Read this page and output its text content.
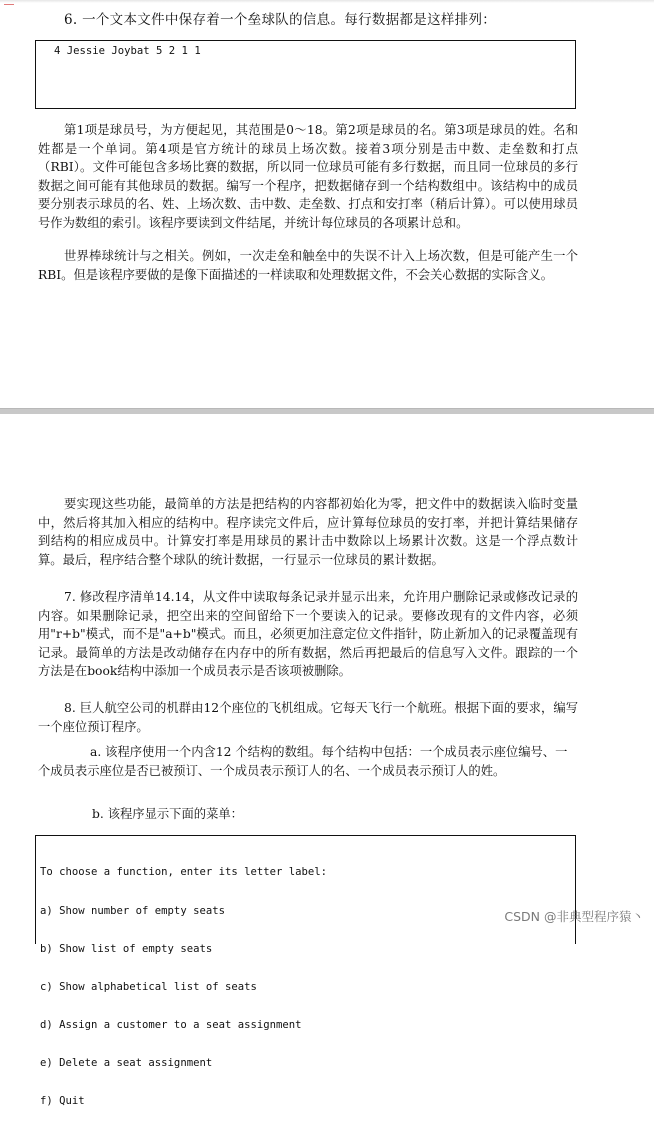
6. 一个文本文件中保存着一个垒球队的信息。每行数据都是这样排列：

4 Jessie Joybat 5 2 1 1

第1项是球员号，为方便起见，其范围是0～18。第2项是球员的名。第3项是球员的姓。名和姓都是一个单词。第4项是官方统计的球员上场次数。接着3项分别是击中数、走垒数和打点（RBI）。文件可能包含多场比赛的数据，所以同一位球员可能有多行数据，而且同一位球员的多行数据之间可能有其他球员的数据。编写一个程序，把数据储存到一个结构数组中。该结构中的成员要分别表示球员的名、姓、上场次数、击中数、走垒数、打点和安打率（稍后计算）。可以使用球员号作为数组的索引。该程序要读到文件结尾，并统计每位球员的各项累计总和。

世界棒球统计与之相关。例如，一次走垒和触垒中的失误不计入上场次数，但是可能产生一个RBI。但是该程序要做的是像下面描述的一样读取和处理数据文件，不会关心数据的实际含义。

要实现这些功能，最简单的方法是把结构的内容都初始化为零，把文件中的数据读入临时变量中，然后将其加入相应的结构中。程序读完文件后，应计算每位球员的安打率，并把计算结果储存到结构的相应成员中。计算安打率是用球员的累计击中数除以上场累计次数。这是一个浮点数计算。最后，程序结合整个球队的统计数据，一行显示一位球员的累计数据。

7. 修改程序清单14.14，从文件中读取每条记录并显示出来，允许用户删除记录或修改记录的内容。如果删除记录，把空出来的空间留给下一个要读入的记录。要修改现有的文件内容，必须用"r+b"模式，而不是"a+b"模式。而且，必须更加注意定位文件指针，防止新加入的记录覆盖现有记录。最简单的方法是改动储存在内存中的所有数据，然后再把最后的信息写入文件。跟踪的一个方法是在book结构中添加一个成员表示是否该项被删除。

8. 巨人航空公司的机群由12个座位的飞机组成。它每天飞行一个航班。根据下面的要求，编写一个座位预订程序。

a. 该程序使用一个内含12 个结构的数组。每个结构中包括：一个成员表示座位编号、一个成员表示座位是否已被预订、一个成员表示预订人的名、一个成员表示预订人的姓。

b. 该程序显示下面的菜单：

To choose a function, enter its letter label:

a) Show number of empty seats

b) Show list of empty seats

c) Show alphabetical list of seats

d) Assign a customer to a seat assignment

e) Delete a seat assignment

f) Quit

CSDN @非典型程序猿丶
